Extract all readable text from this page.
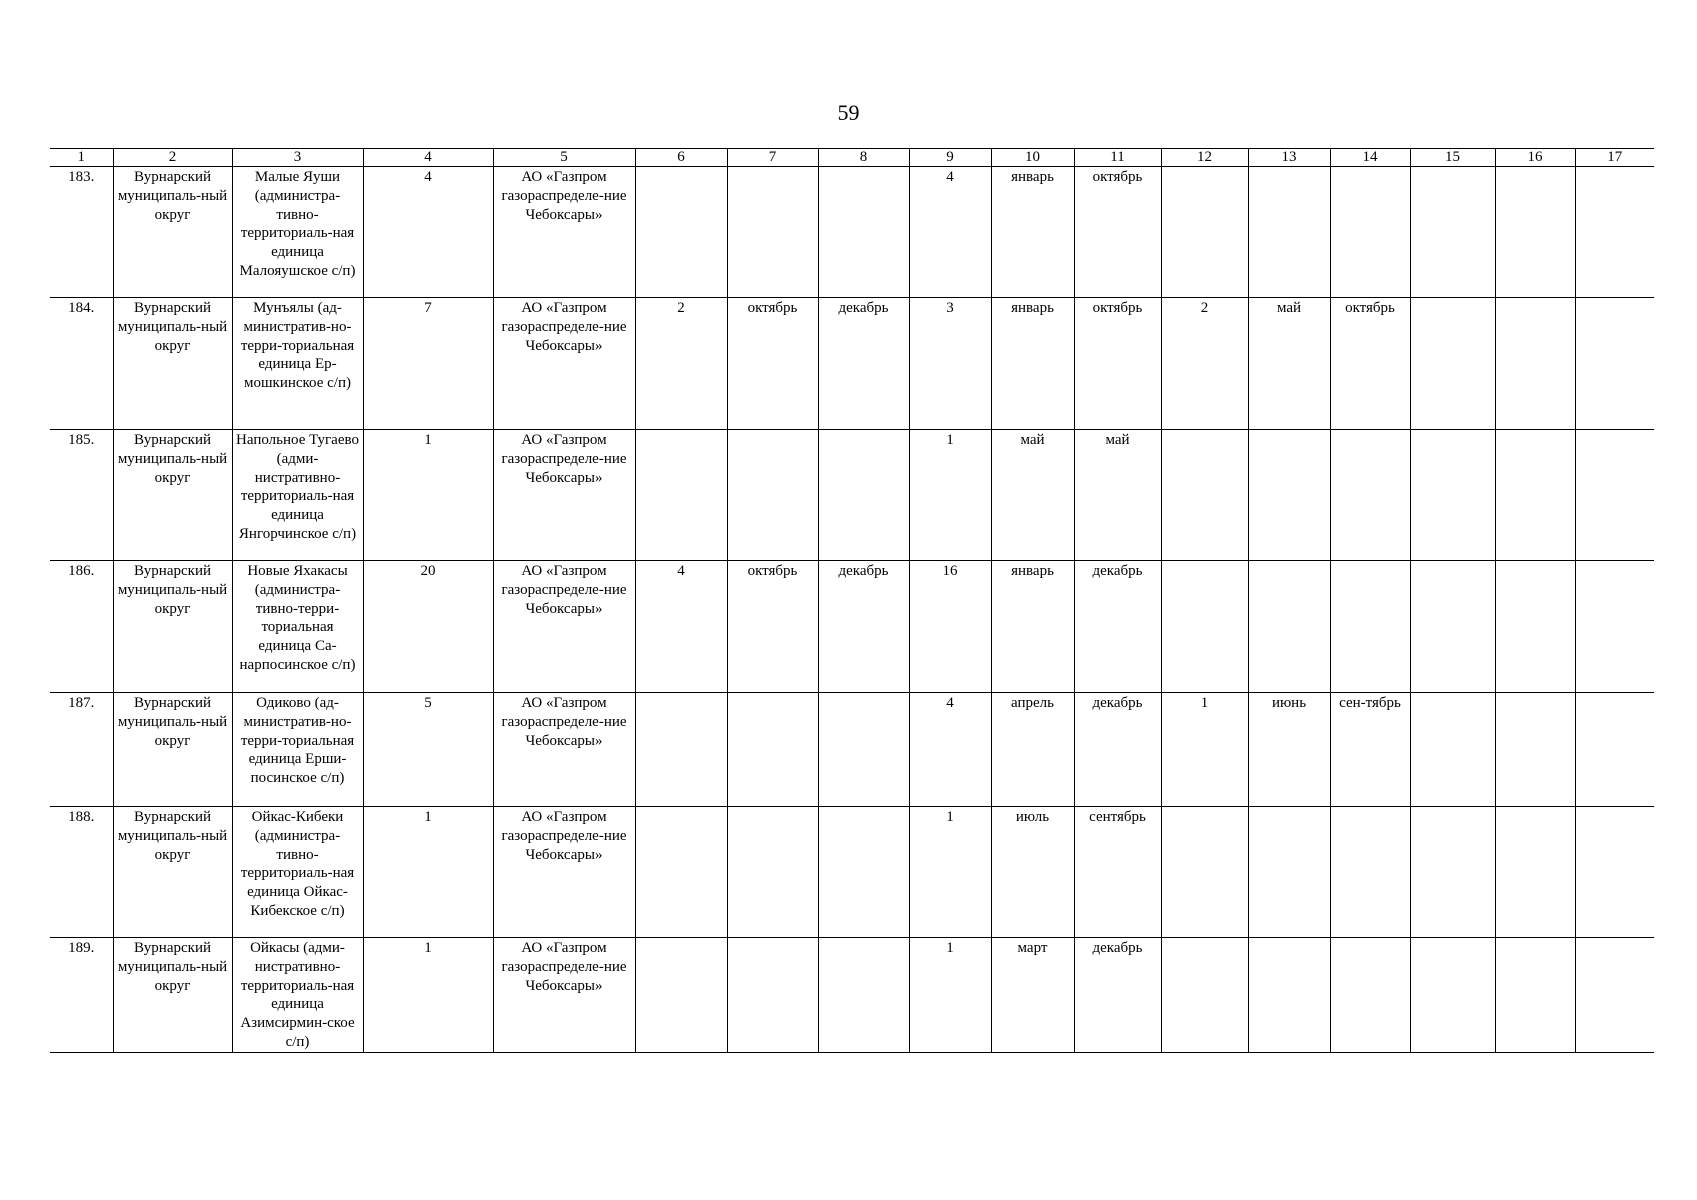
59
1	2	3	4	5	6	7	8	9	10	11	12	13	14	15	16	17
183.	Вурнарский муниципаль-ный округ	Малые Яуши (администра-тивно-территориаль-ная единица Малояушское с/п)	4	АО «Газпром газораспределе-ние Чебоксары»				4	январь	октябрь						
184.	Вурнарский муниципаль-ный округ	Мунъялы (ад-министратив-но-терри-ториальная единица Ер-мошкинское с/п)	7	АО «Газпром газораспределе-ние Чебоксары»	2	октябрь	декабрь	3	январь	октябрь	2	май	октябрь			
185.	Вурнарский муниципаль-ный округ	Напольное Тугаево (адми-нистративно-территориаль-ная единица Янгорчинское с/п)	1	АО «Газпром газораспределе-ние Чебоксары»				1	май	май						
186.	Вурнарский муниципаль-ный округ	Новые Яхакасы (администра-тивно-терри-ториальная единица Са-нарпосинское с/п)	20	АО «Газпром газораспределе-ние Чебоксары»	4	октябрь	декабрь	16	январь	декабрь						
187.	Вурнарский муниципаль-ный округ	Одиково (ад-министратив-но-терри-ториальная единица Ерши-посинское с/п)	5	АО «Газпром газораспределе-ние Чебоксары»				4	апрель	декабрь	1	июнь	сен-тябрь			
188.	Вурнарский муниципаль-ный округ	Ойкас-Кибеки (администра-тивно-территориаль-ная единица Ойкас-Кибекское с/п)	1	АО «Газпром газораспределе-ние Чебоксары»				1	июль	сентябрь						
189.	Вурнарский муниципаль-ный округ	Ойкасы (адми-нистративно-территориаль-ная единица Азимсирмин-ское с/п)	1	АО «Газпром газораспределе-ние Чебоксары»				1	март	декабрь						
